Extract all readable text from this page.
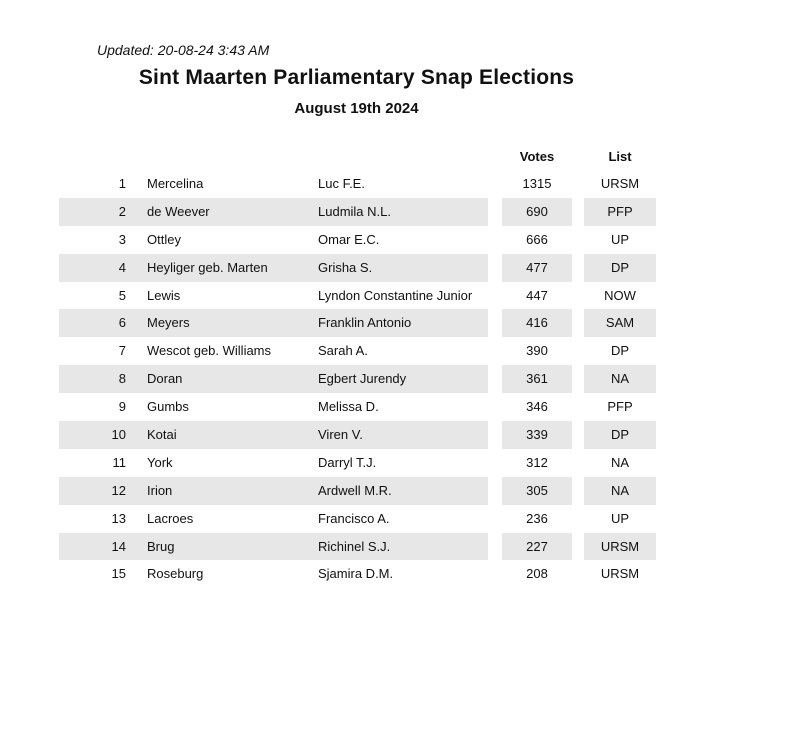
Updated: 20-08-24 3:43 AM
Sint Maarten Parliamentary Snap Elections
August 19th 2024
Votes	List
1 Mercelina	Luc F.E.	1315	URSM
2 de Weever	Ludmila N.L.	690	PFP
3 Ottley	Omar E.C.	666	UP
4 Heyliger geb. Marten	Grisha S.	477	DP
5 Lewis	Lyndon Constantine Junior	447	NOW
6 Meyers	Franklin Antonio	416	SAM
7 Wescot geb. Williams	Sarah A.	390	DP
8 Doran	Egbert Jurendy	361	NA
9 Gumbs	Melissa D.	346	PFP
10 Kotai	Viren V.	339	DP
11 York	Darryl T.J.	312	NA
12 Irion	Ardwell M.R.	305	NA
13 Lacroes	Francisco A.	236	UP
14 Brug	Richinel S.J.	227	URSM
15 Roseburg	Sjamira D.M.	208	URSM
